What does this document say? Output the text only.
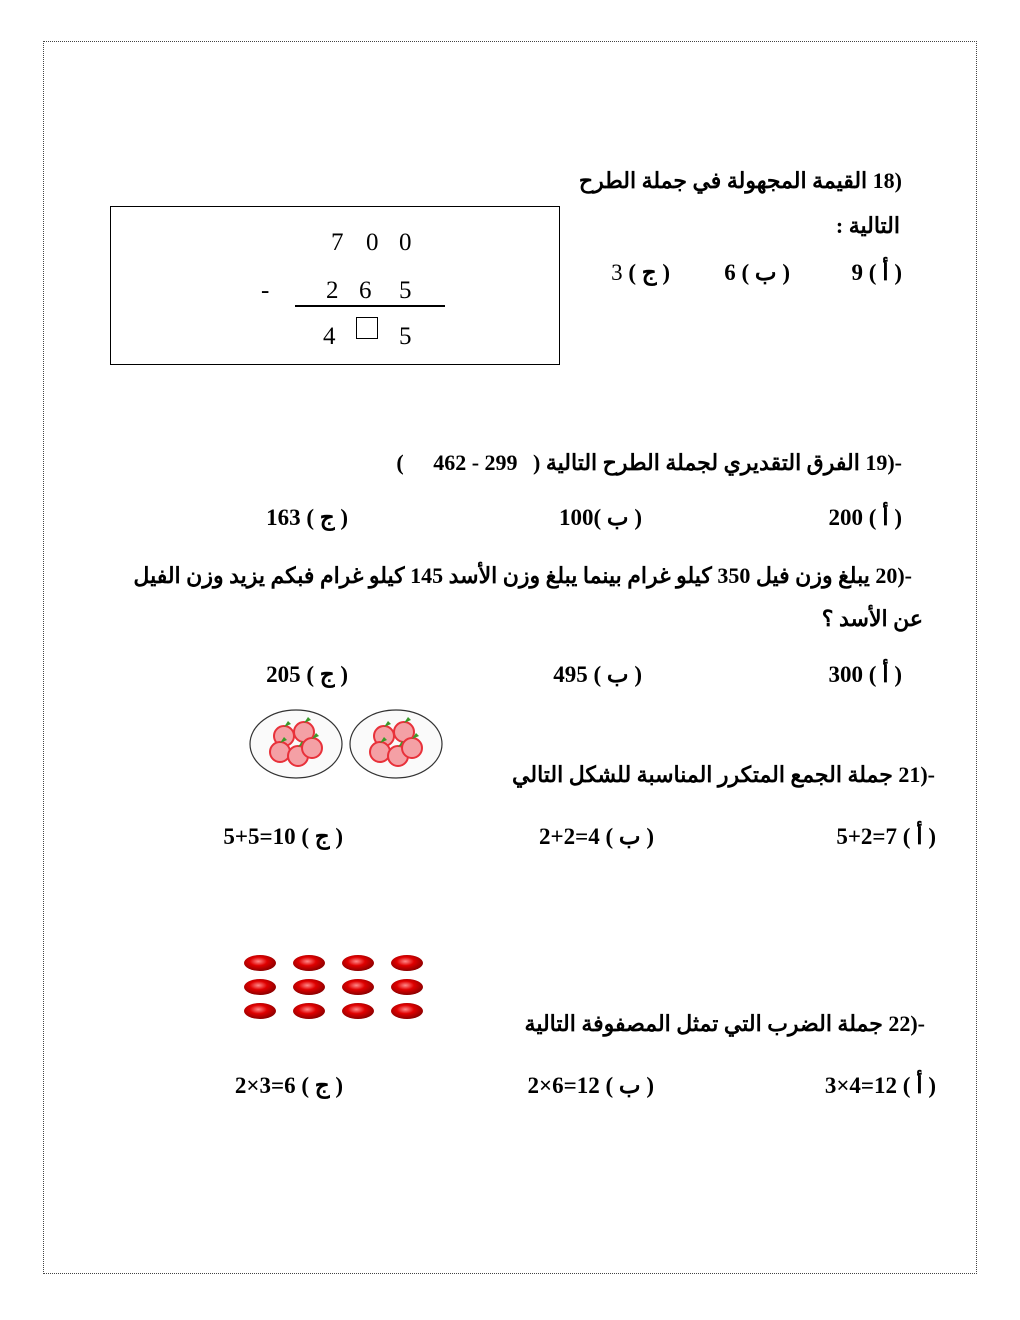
18) القيمة المجهولة في جملة الطرح
التالية :
( أ ) 9
( ب ) 6
( ج ) 3
7 0 0
- 2 6 5
4	5
19)- الفرق التقديري لجملة الطرح التالية ( 462 - 299 )
( أ ) 200
( ب )100
( ج ) 163
20)- يبلغ وزن فيل 350 كيلو غرام بينما يبلغ وزن الأسد 145 كيلو غرام فبكم يزيد وزن الفيل
عن الأسد ؟
( أ ) 300
( ب ) 495
( ج ) 205
21)- جملة الجمع المتكرر المناسبة للشكل التالي
( أ ) 5+2=7
( ب ) 2+2=4
( ج ) 5+5=10
22)- جملة الضرب التي تمثل المصفوفة التالية
( أ ) 3×4=12
( ب ) 2×6=12
( ج ) 2×3=6
